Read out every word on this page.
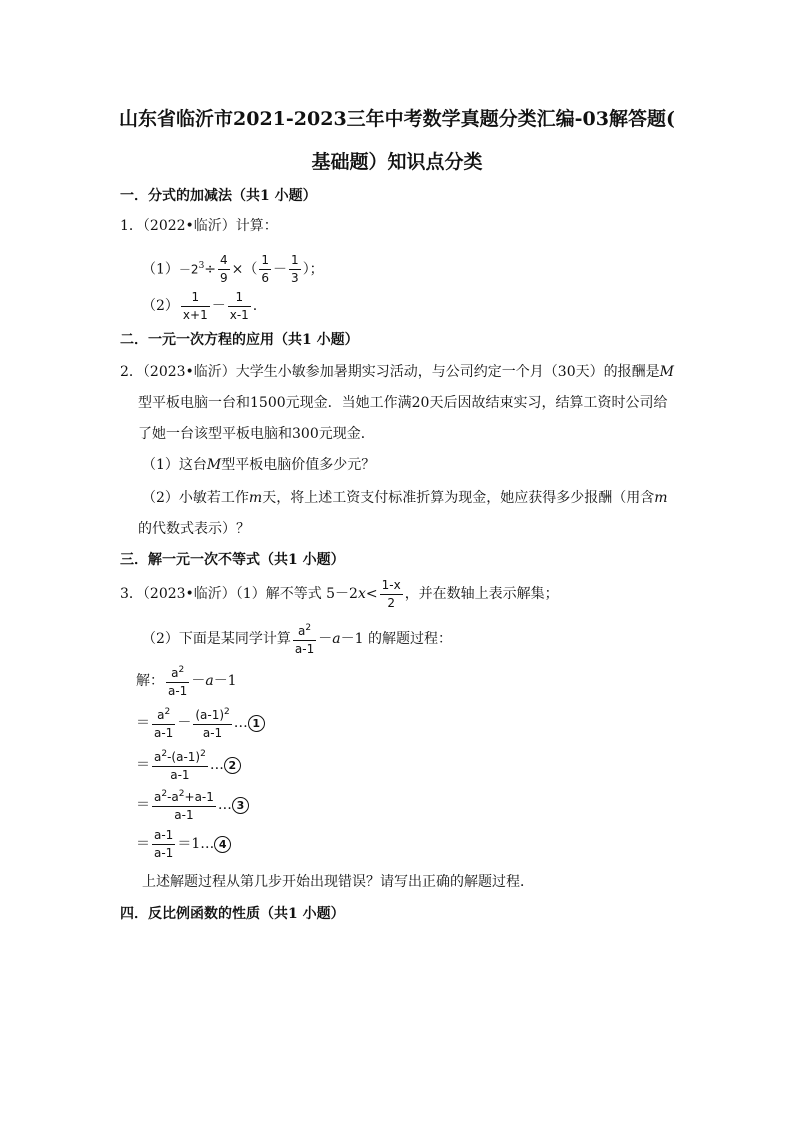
山东省临沂市2021-2023三年中考数学真题分类汇编-03解答题(
基础题）知识点分类
一．分式的加减法（共1 小题）
1．（2022•临沂）计算：
$(1)-2^3\div \frac{4}{9}$ ×（ $\frac{1}{6} - \frac{1}{3}$ ）；
$(2) \frac{1}{x+1} - \frac{1}{x-1}$ .
二．一元一次方程的应用（共1 小题）
2．（2023•临沂）大学生小敏参加暑期实习活动，与公司约定一个月（30天）的报酬是M
型平板电脑一台和1500元现金．当她工作满20天后因故结束实习，结算工资时公司给
了她一台该型平板电脑和300元现金．
（1）这台M型平板电脑价值多少元？
（2）小敏若工作m天，将上述工资支付标准折算为现金，她应获得多少报酬（用含m
的代数式表示）？
三．解一元一次不等式（共1 小题）
3．（2023•临沂）（1）解不等式 $5-2x< \frac{1-x}{2}$ ，并在数轴上表示解集；
（2）下面是某同学计算 $\frac{a^2}{a-1} -a-1$ 的解题过程：
解： $\frac{a^2}{a-1} -a-1$
＝ $\frac{a^2}{a-1} - \frac{(a-1)^2}{a-1}$ … 1
＝ $\frac{a^2-(a-1)^2}{a-1}$ … 2
＝ $\frac{a^2-a^2+a-1}{a-1}$ … 3
＝ $\frac{a-1}{a-1}$ ＝1… 4
上述解题过程从第几步开始出现错误？请写出正确的解题过程．
四．反比例函数的性质（共1 小题）
